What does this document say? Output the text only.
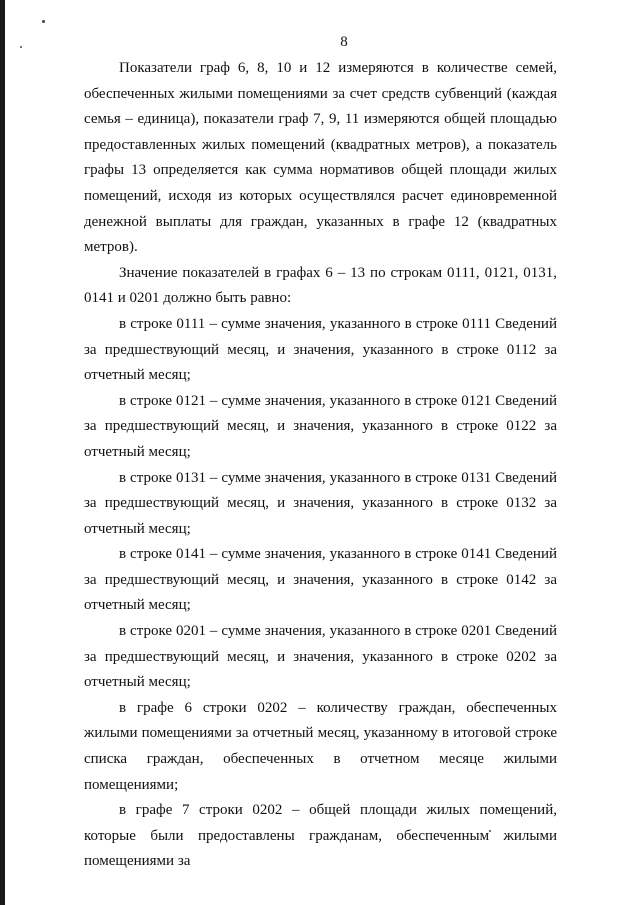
8

Показатели граф 6, 8, 10 и 12 измеряются в количестве семей, обеспеченных жилыми помещениями за счет средств субвенций (каждая семья – единица), показатели граф 7, 9, 11 измеряются общей площадью предоставленных жилых помещений (квадратных метров), а показатель графы 13 определяется как сумма нормативов общей площади жилых помещений, исходя из которых осуществлялся расчет единовременной денежной выплаты для граждан, указанных в графе 12 (квадратных метров).

Значение показателей в графах 6 – 13 по строкам 0111, 0121, 0131, 0141 и 0201 должно быть равно:

в строке 0111 – сумме значения, указанного в строке 0111 Сведений за предшествующий месяц, и значения, указанного в строке 0112 за отчетный месяц;

в строке 0121 – сумме значения, указанного в строке 0121 Сведений за предшествующий месяц, и значения, указанного в строке 0122 за отчетный месяц;

в строке 0131 – сумме значения, указанного в строке 0131 Сведений за предшествующий месяц, и значения, указанного в строке 0132 за отчетный месяц;

в строке 0141 – сумме значения, указанного в строке 0141 Сведений за предшествующий месяц, и значения, указанного в строке 0142 за отчетный месяц;

в строке 0201 – сумме значения, указанного в строке 0201 Сведений за предшествующий месяц, и значения, указанного в строке 0202 за отчетный месяц;

в графе 6 строки 0202 – количеству граждан, обеспеченных жилыми помещениями за отчетный месяц, указанному в итоговой строке списка граждан, обеспеченных в отчетном месяце жилыми помещениями;

в графе 7 строки 0202 – общей площади жилых помещений, которые были предоставлены гражданам, обеспеченным жилыми помещениями за
